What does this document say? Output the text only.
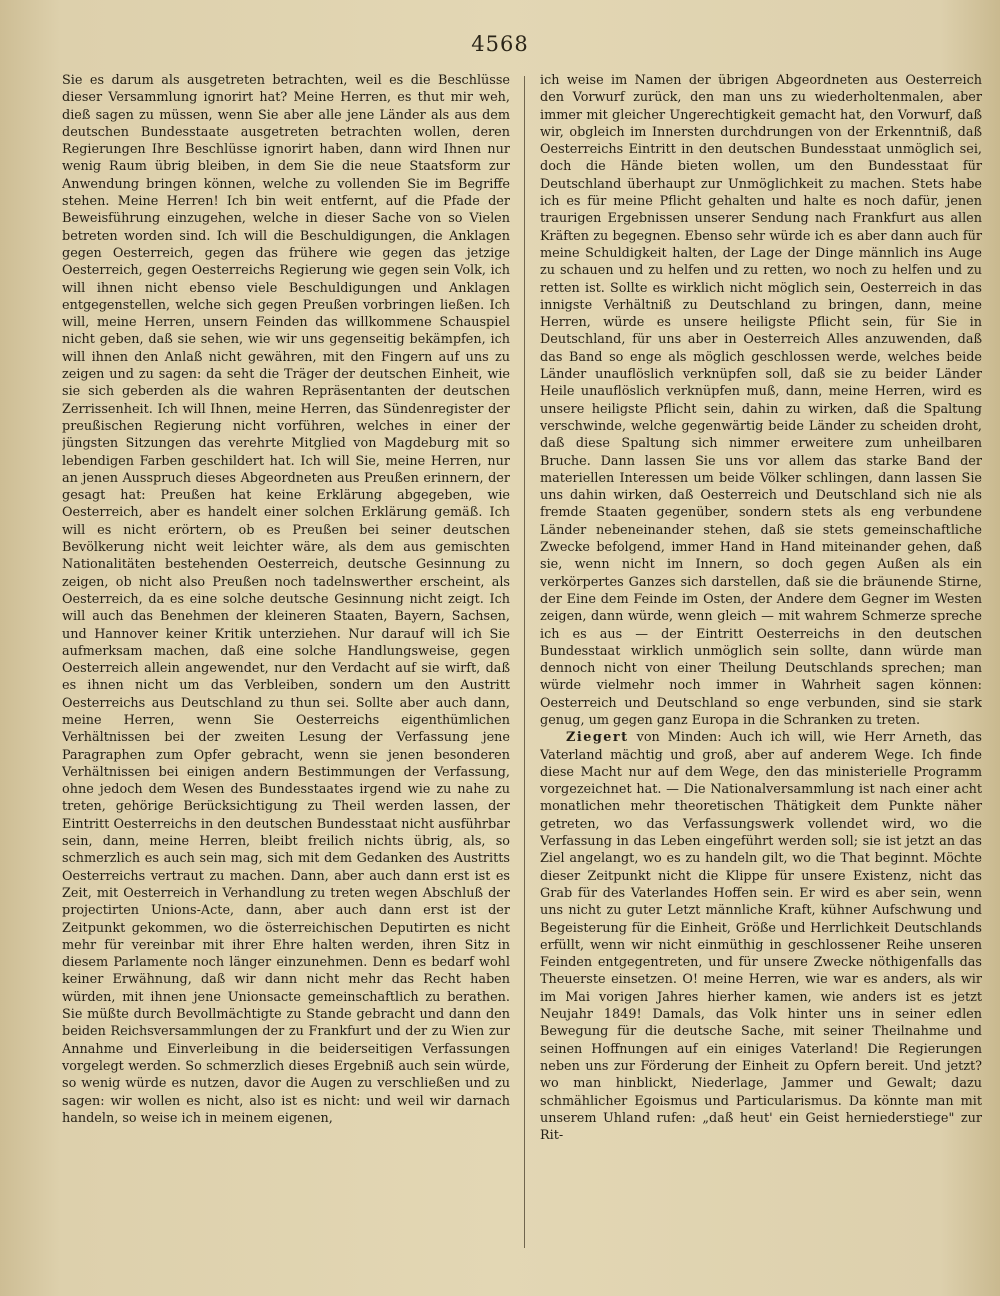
4568

Sie es darum als ausgetreten betrachten, weil es die Beschlüsse dieser Versammlung ignorirt hat? Meine Herren, es thut mir weh, dieß sagen zu müssen, wenn Sie aber alle jene Länder als aus dem deutschen Bundesstaate ausgetreten betrachten wollen, deren Regierungen Ihre Beschlüsse ignorirt haben, dann wird Ihnen nur wenig Raum übrig bleiben, in dem Sie die neue Staatsform zur Anwendung bringen können, welche zu vollenden Sie im Begriffe stehen. Meine Herren! Ich bin weit entfernt, auf die Pfade der Beweisführung einzugehen, welche in dieser Sache von so Vielen betreten worden sind. Ich will die Beschuldigungen, die Anklagen gegen Oesterreich, gegen das frühere wie gegen das jetzige Oesterreich, gegen Oesterreichs Regierung wie gegen sein Volk, ich will ihnen nicht ebenso viele Beschuldigungen und Anklagen entgegenstellen, welche sich gegen Preußen vorbringen ließen. Ich will, meine Herren, unsern Feinden das willkommene Schauspiel nicht geben, daß sie sehen, wie wir uns gegenseitig bekämpfen, ich will ihnen den Anlaß nicht gewähren, mit den Fingern auf uns zu zeigen und zu sagen: da seht die Träger der deutschen Einheit, wie sie sich geberden als die wahren Repräsentanten der deutschen Zerrissenheit. Ich will Ihnen, meine Herren, das Sündenregister der preußischen Regierung nicht vorführen, welches in einer der jüngsten Sitzungen das verehrte Mitglied von Magdeburg mit so lebendigen Farben geschildert hat. Ich will Sie, meine Herren, nur an jenen Ausspruch dieses Abgeordneten aus Preußen erinnern, der gesagt hat: Preußen hat keine Erklärung abgegeben, wie Oesterreich, aber es handelt einer solchen Erklärung gemäß. Ich will es nicht erörtern, ob es Preußen bei seiner deutschen Bevölkerung nicht weit leichter wäre, als dem aus gemischten Nationalitäten bestehenden Oesterreich, deutsche Gesinnung zu zeigen, ob nicht also Preußen noch tadelnswerther erscheint, als Oesterreich, da es eine solche deutsche Gesinnung nicht zeigt. Ich will auch das Benehmen der kleineren Staaten, Bayern, Sachsen, und Hannover keiner Kritik unterziehen. Nur darauf will ich Sie aufmerksam machen, daß eine solche Handlungsweise, gegen Oesterreich allein angewendet, nur den Verdacht auf sie wirft, daß es ihnen nicht um das Verbleiben, sondern um den Austritt Oesterreichs aus Deutschland zu thun sei. Sollte aber auch dann, meine Herren, wenn Sie Oesterreichs eigenthümlichen Verhältnissen bei der zweiten Lesung der Verfassung jene Paragraphen zum Opfer gebracht, wenn sie jenen besonderen Verhältnissen bei einigen andern Bestimmungen der Verfassung, ohne jedoch dem Wesen des Bundesstaates irgend wie zu nahe zu treten, gehörige Berücksichtigung zu Theil werden lassen, der Eintritt Oesterreichs in den deutschen Bundesstaat nicht ausführbar sein, dann, meine Herren, bleibt freilich nichts übrig, als, so schmerzlich es auch sein mag, sich mit dem Gedanken des Austritts Oesterreichs vertraut zu machen. Dann, aber auch dann erst ist es Zeit, mit Oesterreich in Verhandlung zu treten wegen Abschluß der projectirten Unions-Acte, dann, aber auch dann erst ist der Zeitpunkt gekommen, wo die österreichischen Deputirten es nicht mehr für vereinbar mit ihrer Ehre halten werden, ihren Sitz in diesem Parlamente noch länger einzunehmen. Denn es bedarf wohl keiner Erwähnung, daß wir dann nicht mehr das Recht haben würden, mit ihnen jene Unionsacte gemeinschaftlich zu berathen. Sie müßte durch Bevollmächtigte zu Stande gebracht und dann den beiden Reichsversammlungen der zu Frankfurt und der zu Wien zur Annahme und Einverleibung in die beiderseitigen Verfassungen vorgelegt werden. So schmerzlich dieses Ergebniß auch sein würde, so wenig würde es nutzen, davor die Augen zu verschließen und zu sagen: wir wollen es nicht, also ist es nicht: und weil wir darnach handeln, so weise ich in meinem eigenen,

ich weise im Namen der übrigen Abgeordneten aus Oesterreich den Vorwurf zurück, den man uns zu wiederholtenmalen, aber immer mit gleicher Ungerechtigkeit gemacht hat, den Vorwurf, daß wir, obgleich im Innersten durchdrungen von der Erkenntniß, daß Oesterreichs Eintritt in den deutschen Bundesstaat unmöglich sei, doch die Hände bieten wollen, um den Bundesstaat für Deutschland überhaupt zur Unmöglichkeit zu machen. Stets habe ich es für meine Pflicht gehalten und halte es noch dafür, jenen traurigen Ergebnissen unserer Sendung nach Frankfurt aus allen Kräften zu begegnen. Ebenso sehr würde ich es aber dann auch für meine Schuldigkeit halten, der Lage der Dinge männlich ins Auge zu schauen und zu helfen und zu retten, wo noch zu helfen und zu retten ist. Sollte es wirklich nicht möglich sein, Oesterreich in das innigste Verhältniß zu Deutschland zu bringen, dann, meine Herren, würde es unsere heiligste Pflicht sein, für Sie in Deutschland, für uns aber in Oesterreich Alles anzuwenden, daß das Band so enge als möglich geschlossen werde, welches beide Länder unauflöslich verknüpfen soll, daß sie zu beider Länder Heile unauflöslich verknüpfen muß, dann, meine Herren, wird es unsere heiligste Pflicht sein, dahin zu wirken, daß die Spaltung verschwinde, welche gegenwärtig beide Länder zu scheiden droht, daß diese Spaltung sich nimmer erweitere zum unheilbaren Bruche. Dann lassen Sie uns vor allem das starke Band der materiellen Interessen um beide Völker schlingen, dann lassen Sie uns dahin wirken, daß Oesterreich und Deutschland sich nie als fremde Staaten gegenüber, sondern stets als eng verbundene Länder nebeneinander stehen, daß sie stets gemeinschaftliche Zwecke befolgend, immer Hand in Hand miteinander gehen, daß sie, wenn nicht im Innern, so doch gegen Außen als ein verkörpertes Ganzes sich darstellen, daß sie die bräunende Stirne, der Eine dem Feinde im Osten, der Andere dem Gegner im Westen zeigen, dann würde, wenn gleich — mit wahrem Schmerze spreche ich es aus — der Eintritt Oesterreichs in den deutschen Bundesstaat wirklich unmöglich sein sollte, dann würde man dennoch nicht von einer Theilung Deutschlands sprechen; man würde vielmehr noch immer in Wahrheit sagen können: Oesterreich und Deutschland so enge verbunden, sind sie stark genug, um gegen ganz Europa in die Schranken zu treten.

Ziegert von Minden: Auch ich will, wie Herr Arneth, das Vaterland mächtig und groß, aber auf anderem Wege. Ich finde diese Macht nur auf dem Wege, den das ministerielle Programm vorgezeichnet hat. — Die Nationalversammlung ist nach einer acht monatlichen mehr theoretischen Thätigkeit dem Punkte näher getreten, wo das Verfassungswerk vollendet wird, wo die Verfassung in das Leben eingeführt werden soll; sie ist jetzt an das Ziel angelangt, wo es zu handeln gilt, wo die That beginnt. Möchte dieser Zeitpunkt nicht die Klippe für unsere Existenz, nicht das Grab für des Vaterlandes Hoffen sein. Er wird es aber sein, wenn uns nicht zu guter Letzt männliche Kraft, kühner Aufschwung und Begeisterung für die Einheit, Größe und Herrlichkeit Deutschlands erfüllt, wenn wir nicht einmüthig in geschlossener Reihe unseren Feinden entgegentreten, und für unsere Zwecke nöthigenfalls das Theuerste einsetzen. O! meine Herren, wie war es anders, als wir im Mai vorigen Jahres hierher kamen, wie anders ist es jetzt Neujahr 1849! Damals, das Volk hinter uns in seiner edlen Bewegung für die deutsche Sache, mit seiner Theilnahme und seinen Hoffnungen auf ein einiges Vaterland! Die Regierungen neben uns zur Förderung der Einheit zu Opfern bereit. Und jetzt? wo man hinblickt, Niederlage, Jammer und Gewalt; dazu schmählicher Egoismus und Particularismus. Da könnte man mit unserem Uhland rufen: „daß heut' ein Geist herniederstiege" zur Rit-
